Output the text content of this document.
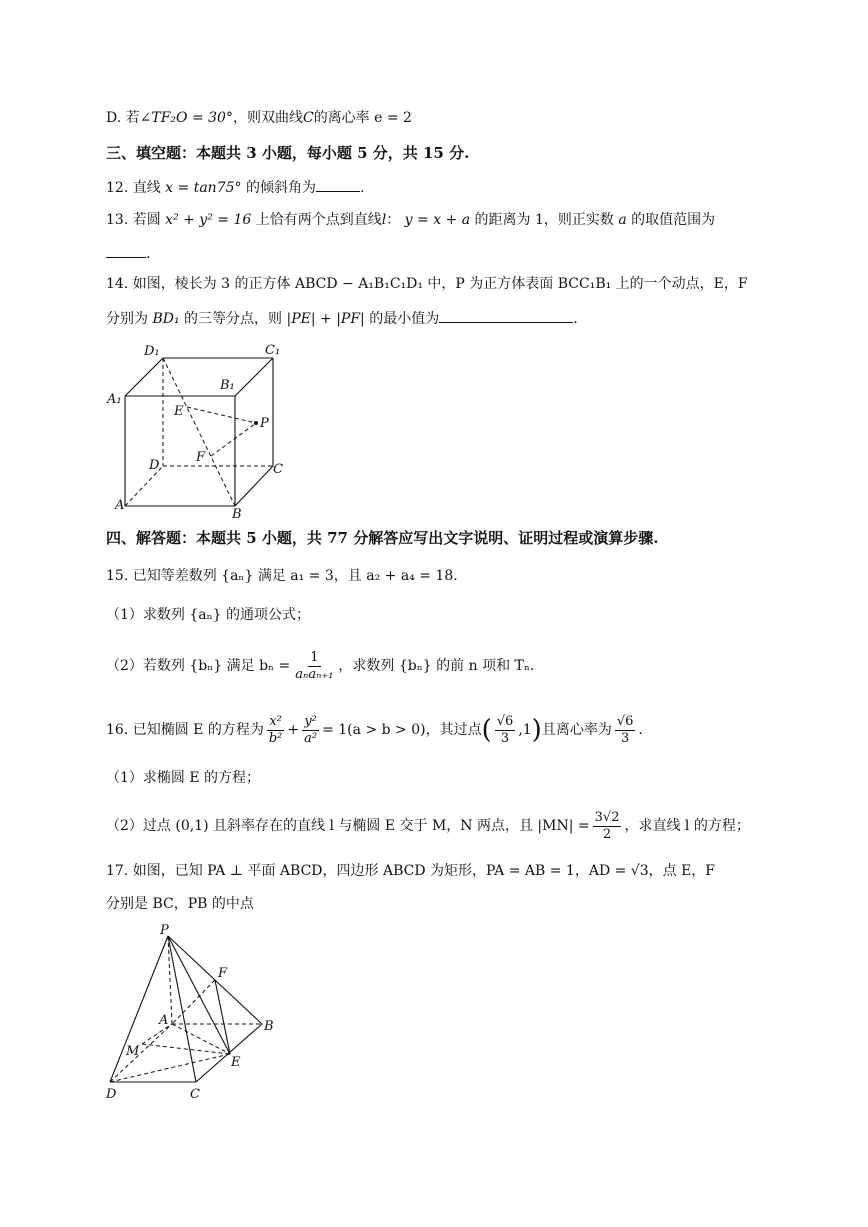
D. 若∠TF₂O = 30°，则双曲线C的离心率 e = 2
三、填空题：本题共 3 小题，每小题 5 分，共 15 分.
12. 直线 x = tan75° 的倾斜角为	.
13. 若圆 x² + y² = 16 上恰有两个点到直线l： y = x + a 的距离为 1，则正实数 a 的取值范围为
.
14. 如图，棱长为 3 的正方体 ABCD − A₁B₁C₁D₁ 中，P 为正方体表面 BCC₁B₁ 上的一个动点，E，F
分别为 BD₁ 的三等分点，则 |PE| + |PF| 的最小值为	.
D₁	C₁
B₁
A₁
E
P
D
F
C
A
B
四、解答题：本题共 5 小题，共 77 分解答应写出文字说明、证明过程或演算步骤.
15. 已知等差数列 {aₙ} 满足 a₁ = 3，且 a₂ + a₄ = 18.
（1）求数列 {aₙ} 的通项公式；
（2）若数列 {bₙ} 满足 $b_n = \frac{1}{\text{aₙaₙ₊₁}}$ ，求数列 {bₙ} 的前 n 项和 Tₙ.
16. 已知椭圆 E 的方程为 $\frac{\text{x²}}{\text{b²}} + \frac{\text{y²}}{\text{a²}} = 1(a > b > 0)$，其过点( $\frac{√6}{3} ,1$)且离心率为 $\frac{√6}{3}$ .
（1）求椭圆 E 的方程；
（2）过点 (0,1) 且斜率存在的直线 l 与椭圆 E 交于 M，N 两点，且 $|MN| = \frac{3√2}{2}$ ，求直线 l 的方程；
17. 如图，已知 PA ⊥ 平面 ABCD，四边形 ABCD 为矩形，PA = AB = 1，AD = √3，点 E，F
分别是 BC，PB 的中点
P
F
A	B
M
E
D	C
